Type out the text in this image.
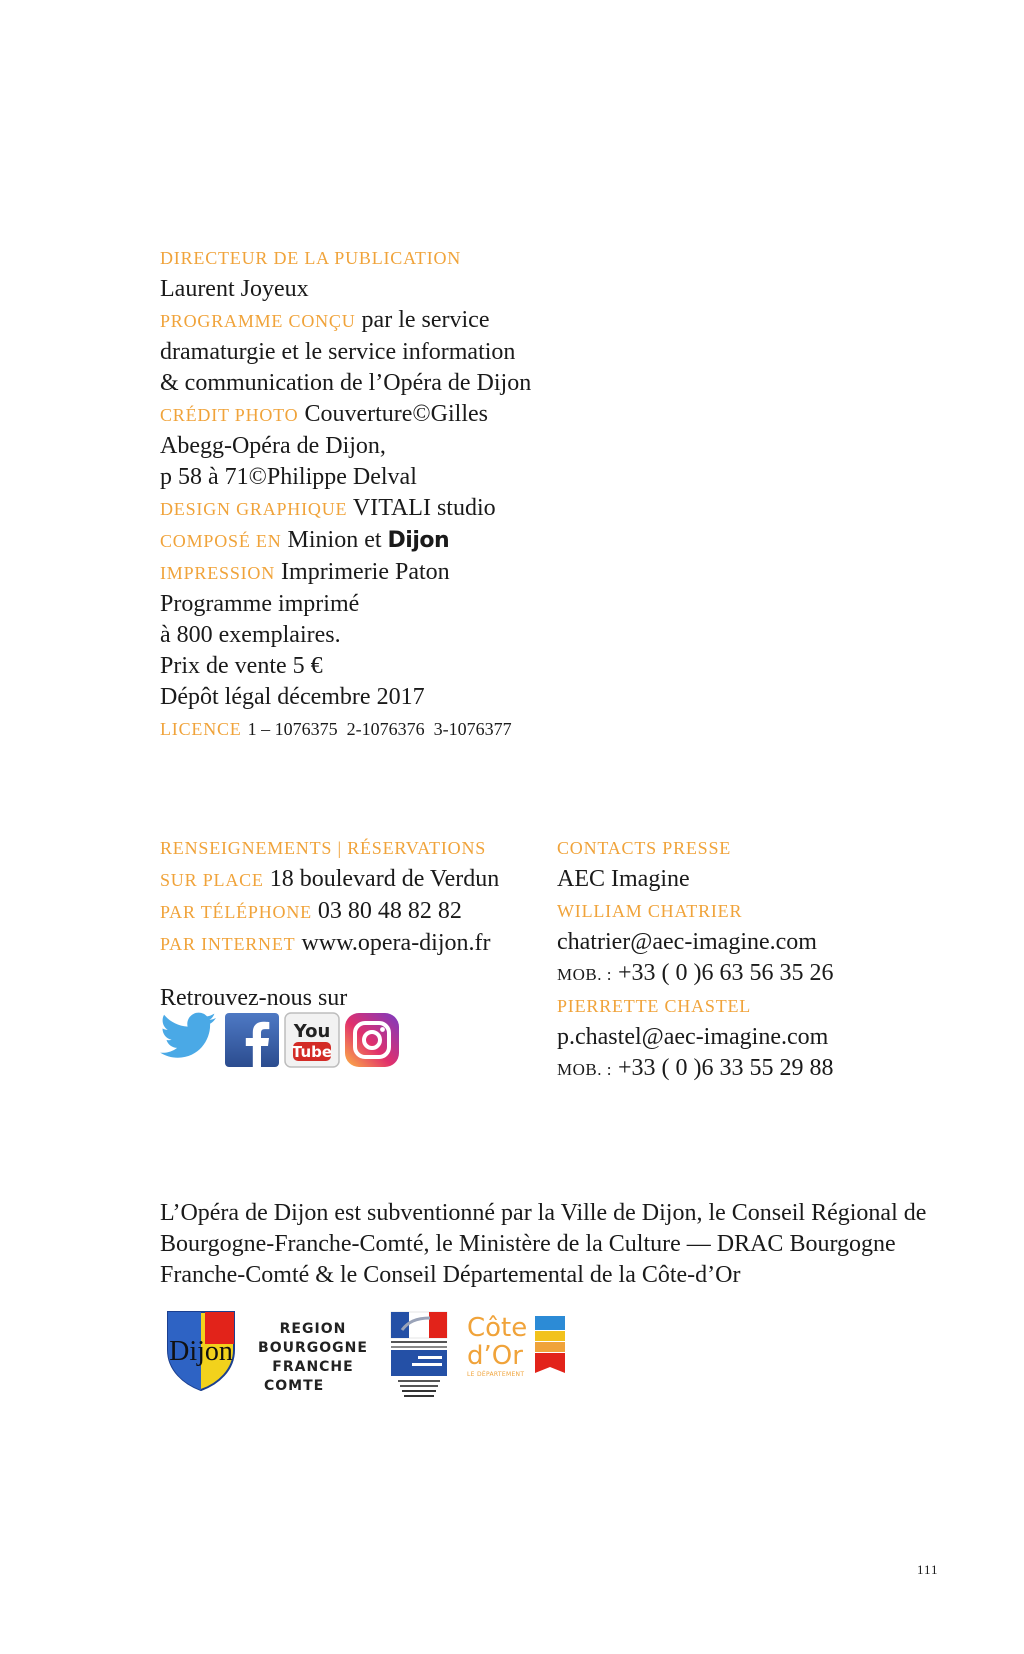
DIRECTEUR DE LA PUBLICATION
Laurent Joyeux
PROGRAMME CONÇU par le service
dramaturgie et le service information
& communication de l’Opéra de Dijon
CRÉDIT PHOTO Couverture©Gilles
Abegg-Opéra de Dijon,
p 58 à 71©Philippe Delval
DESIGN GRAPHIQUE VITALI studio
COMPOSÉ EN Minion et Dijon
IMPRESSION Imprimerie Paton
Programme imprimé
à 800 exemplaires.
Prix de vente 5 €
Dépôt légal décembre 2017
LICENCE 1 – 1076375  2-1076376  3-1076377
RENSEIGNEMENTS | RÉSERVATIONS
SUR PLACE 18 boulevard de Verdun
PAR TÉLÉPHONE 03 80 48 82 82
PAR INTERNET www.opera-dijon.fr
Retrouvez-nous sur
You
Tube
CONTACTS PRESSE
AEC Imagine
WILLIAM CHATRIER
chatrier@aec-imagine.com
MOB. : +33 ( 0 )6 63 56 35 26
PIERRETTE CHASTEL
p.chastel@aec-imagine.com
MOB. : +33 ( 0 )6 33 55 29 88
L’Opéra de Dijon est subventionné par la Ville de Dijon, le Conseil Régional de
Bourgogne-Franche-Comté, le Ministère de la Culture — DRAC Bourgogne
Franche-Comté & le Conseil Départemental de la Côte-d’Or
Dijon
REGION
BOURGOGNE
FRANCHE
COMTE
Côte
d’Or
LE DÉPARTEMENT
111
